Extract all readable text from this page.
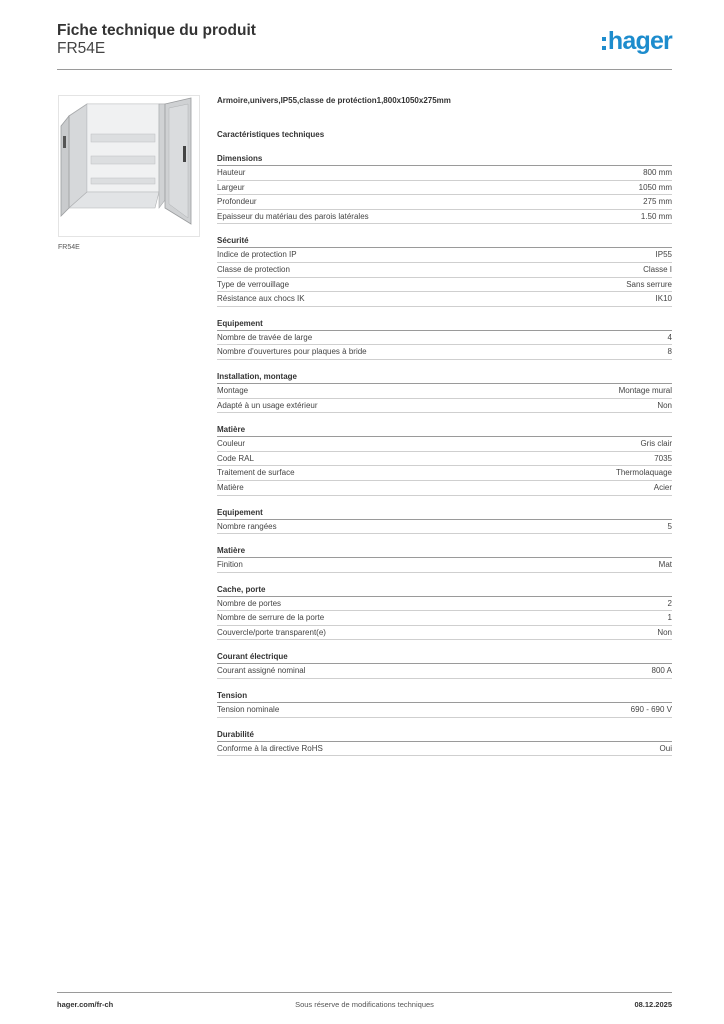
Fiche technique du produit
FR54E	hager
FR54E
Armoire,univers,IP55,classe de protéction1,800x1050x275mm
Caractéristiques techniques
Dimensions
Hauteur	800 mm
Largeur	1050 mm
Profondeur	275 mm
Epaisseur du matériau des parois latérales	1.50 mm
Sécurité
Indice de protection IP	IP55
Classe de protection	Classe I
Type de verrouillage	Sans serrure
Résistance aux chocs IK	IK10
Equipement
Nombre de travée de large	4
Nombre d'ouvertures pour plaques à bride	8
Installation, montage
Montage	Montage mural
Adapté à un usage extérieur	Non
Matière
Couleur	Gris clair
Code RAL	7035
Traitement de surface	Thermolaquage
Matière	Acier
Equipement
Nombre rangées	5
Matière
Finition	Mat
Cache, porte
Nombre de portes	2
Nombre de serrure de la porte	1
Couvercle/porte transparent(e)	Non
Courant électrique
Courant assigné nominal	800 A
Tension
Tension nominale	690 - 690 V
Durabilité
Conforme à la directive RoHS	Oui
hager.com/fr-ch	Sous réserve de modifications techniques	08.12.2025
